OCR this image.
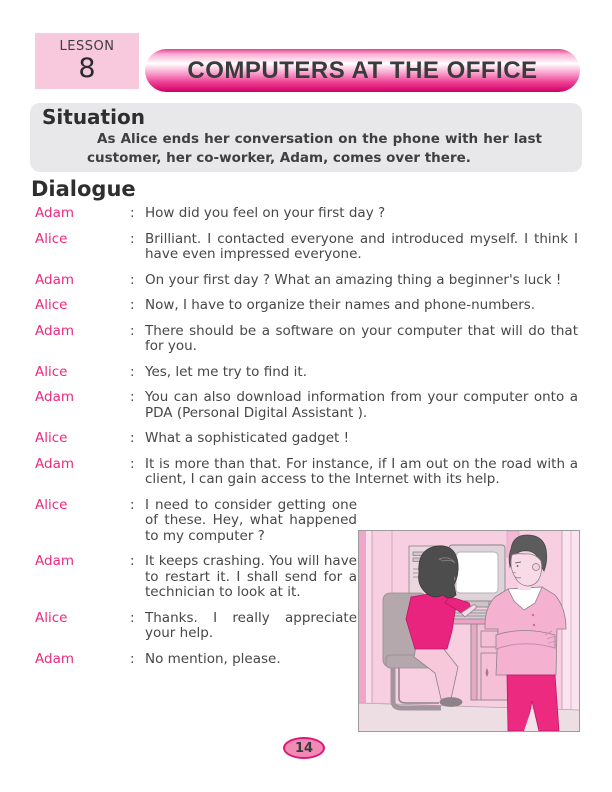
LESSON
8	COMPUTERS AT THE OFFICE
Situation
As Alice ends her conversation on the phone with her last customer, her co-worker, Adam, comes over there.
Dialogue
Adam	: How did you feel on your first day ?
Alice	: Brilliant. I contacted everyone and introduced myself. I think I have even impressed everyone.
Adam	: On your first day ? What an amazing thing a beginner's luck !
Alice	: Now, I have to organize their names and phone-numbers.
Adam	: There should be a software on your computer that will do that for you.
Alice	: Yes, let me try to find it.
Adam	: You can also download information from your computer onto a PDA (Personal Digital Assistant ).
Alice	: What a sophisticated gadget !
Adam	: It is more than that. For instance, if I am out on the road with a client, I can gain access to the Internet with its help.
Alice	: I need to consider getting one of these. Hey, what happened to my computer ?
Adam	: It keeps crashing. You will have to restart it. I shall send for a technician to look at it.
Alice	: Thanks. I really appreciate your help.
Adam	: No mention, please.
14
